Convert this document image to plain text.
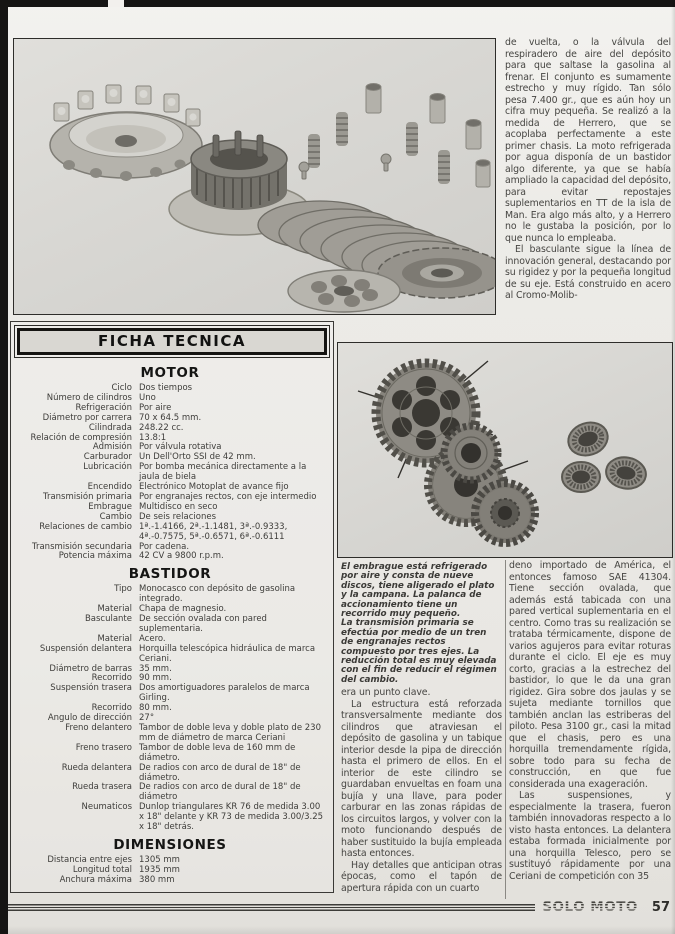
de vuelta, o la válvula del respiradero de aire del depósito para que saltase la gasolina al frenar. El conjunto es sumamente estrecho y muy rígido. Tan sólo pesa 7.400 gr., que es aún hoy un cifra muy pequeña. Se realizó a la medida de Herrero, que se acoplaba perfectamente a este primer chasis. La moto refrigerada por agua disponía de un bastidor algo diferente, ya que se había ampliado la capacidad del depósito, para evitar repostajes suplementarios en TT de la isla de Man. Era algo más alto, y a Herrero no le gustaba la posición, por lo que nunca lo empleaba.

El basculante sigue la línea de innovación general, destacando por su rigidez y por la pequeña longitud de su eje. Está construido en acero al Cromo-Molib-

FICHA TECNICA
MOTOR
Ciclo Dos tiempos
Número de cilindros Uno
Refrigeración Por aire
Diámetro por carrera 70 x 64.5 mm.
Cilindrada 248.22 cc.
Relación de compresión 13.8:1
Admisión Por válvula rotativa
Carburador Un Dell'Orto SSI de 42 mm.
Lubricación Por bomba mecánica directamente a la jaula de biela
Encendido Electrónico Motoplat de avance fijo
Transmisión primaria Por engranajes rectos, con eje intermedio
Embrague Multidisco en seco
Cambio De seis relaciones
Relaciones de cambio 1ª.-1.4166, 2ª.-1.1481, 3ª.-0.9333, 4ª.-0.7575, 5ª.-0.6571, 6ª.-0.6111
Transmisión secundaria Por cadena.
Potencia máxima 42 CV a 9800 r.p.m.
BASTIDOR
Tipo Monocasco con depósito de gasolina integrado.
Material Chapa de magnesio.
Basculante De sección ovalada con pared suplementaria.
Material Acero.
Suspensión delantera Horquilla telescópica hidráulica de marca Ceriani.
Diámetro de barras 35 mm.
Recorrido 90 mm.
Suspensión trasera Dos amortiguadores paralelos de marca Girling.
Recorrido 80 mm.
Angulo de dirección 27°
Freno delantero Tambor de doble leva y doble plato de 230 mm de diámetro de marca Ceriani
Freno trasero Tambor de doble leva de 160 mm de diámetro.
Rueda delantera De radios con arco de dural de 18" de diámetro.
Rueda trasera De radios con arco de dural de 18" de diámetro
Neumaticos Dunlop triangulares KR 76 de medida 3.00 x 18" delante y KR 73 de medida 3.00/3.25 x 18" detrás.
DIMENSIONES
Distancia entre ejes 1305 mm
Longitud total 1935 mm
Anchura máxima 380 mm

El embrague está refrigerado por aire y consta de nueve discos, tiene aligerado el plato y la campana. La palanca de accionamiento tiene un recorrido muy pequeño.

La transmisión primaria se efectúa por medio de un tren de engranajes rectos compuesto por tres ejes. La reducción total es muy elevada con el fin de reducir el régimen del cambio.

era un punto clave.

La estructura está reforzada transversalmente mediante dos cilindros que atraviesan el depósito de gasolina y un tabique interior desde la pipa de dirección hasta el primero de ellos. En el interior de este cilindro se guardaban envueltas en foam una bujía y una llave, para poder carburar en las zonas rápidas de los circuitos largos, y volver con la moto funcionando después de haber sustituido la bujía empleada hasta entonces.

Hay detalles que anticipan otras épocas, como el tapón de apertura rápida con un cuarto

deno importado de América, el entonces famoso SAE 41304. Tiene sección ovalada, que además está tabicada con una pared vertical suplementaria en el centro. Como tras su realización se trataba térmicamente, dispone de varios agujeros para evitar roturas durante el ciclo. El eje es muy corto, gracias a la estrechez del bastidor, lo que le da una gran rigidez. Gira sobre dos jaulas y se sujeta mediante tornillos que también anclan las estriberas del piloto. Pesa 3100 gr., casi la mitad que el chasis, pero es una horquilla tremendamente rígida, sobre todo para su fecha de construcción, en que fue considerada una exageración.

Las suspensiones, y especialmente la trasera, fueron también innovadoras respecto a lo visto hasta entonces. La delantera estaba formada inicialmente por una horquilla Telesco, pero se sustituyó rápidamente por una Ceriani de competición con 35

SOLO MOTO 57
